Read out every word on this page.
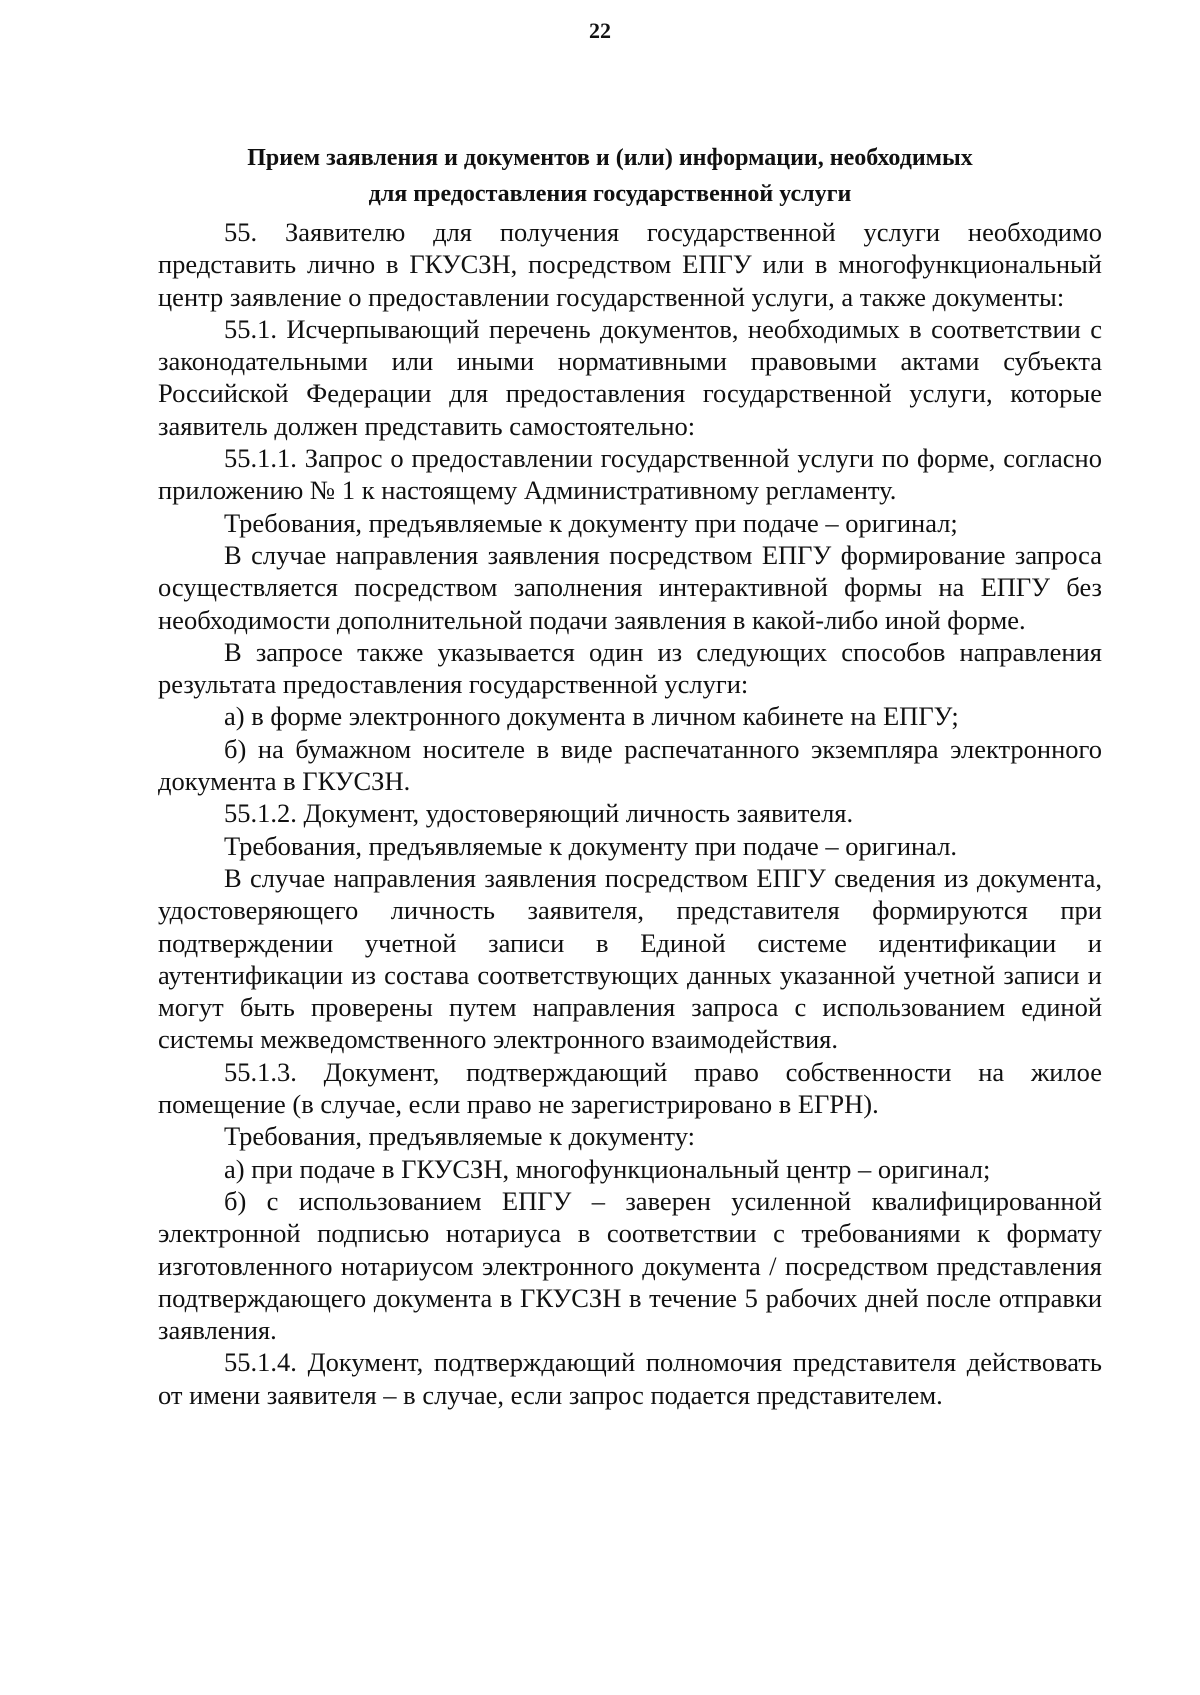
22
Прием заявления и документов и (или) информации, необходимых
для предоставления государственной услуги

55. Заявителю для получения государственной услуги необходимо представить лично в ГКУСЗН, посредством ЕПГУ или в многофункциональный центр заявление о предоставлении государственной услуги, а также документы:

55.1. Исчерпывающий перечень документов, необходимых в соответствии с законодательными или иными нормативными правовыми актами субъекта Российской Федерации для предоставления государственной услуги, которые заявитель должен представить самостоятельно:

55.1.1. Запрос о предоставлении государственной услуги по форме, согласно приложению № 1 к настоящему Административному регламенту.

Требования, предъявляемые к документу при подаче – оригинал;

В случае направления заявления посредством ЕПГУ формирование запроса осуществляется посредством заполнения интерактивной формы на ЕПГУ без необходимости дополнительной подачи заявления в какой-либо иной форме.

В запросе также указывается один из следующих способов направления результата предоставления государственной услуги:

а) в форме электронного документа в личном кабинете на ЕПГУ;

б) на бумажном носителе в виде распечатанного экземпляра электронного документа в ГКУСЗН.

55.1.2. Документ, удостоверяющий личность заявителя.

Требования, предъявляемые к документу при подаче – оригинал.

В случае направления заявления посредством ЕПГУ сведения из документа, удостоверяющего личность заявителя, представителя формируются при подтверждении учетной записи в Единой системе идентификации и аутентификации из состава соответствующих данных указанной учетной записи и могут быть проверены путем направления запроса с использованием единой системы межведомственного электронного взаимодействия.

55.1.3. Документ, подтверждающий право собственности на жилое помещение (в случае, если право не зарегистрировано в ЕГРН).

Требования, предъявляемые к документу:

а) при подаче в ГКУСЗН, многофункциональный центр – оригинал;

б) с использованием ЕПГУ – заверен усиленной квалифицированной электронной подписью нотариуса в соответствии с требованиями к формату изготовленного нотариусом электронного документа / посредством представления подтверждающего документа в ГКУСЗН в течение 5 рабочих дней после отправки заявления.

55.1.4. Документ, подтверждающий полномочия представителя действовать от имени заявителя – в случае, если запрос подается представителем.
